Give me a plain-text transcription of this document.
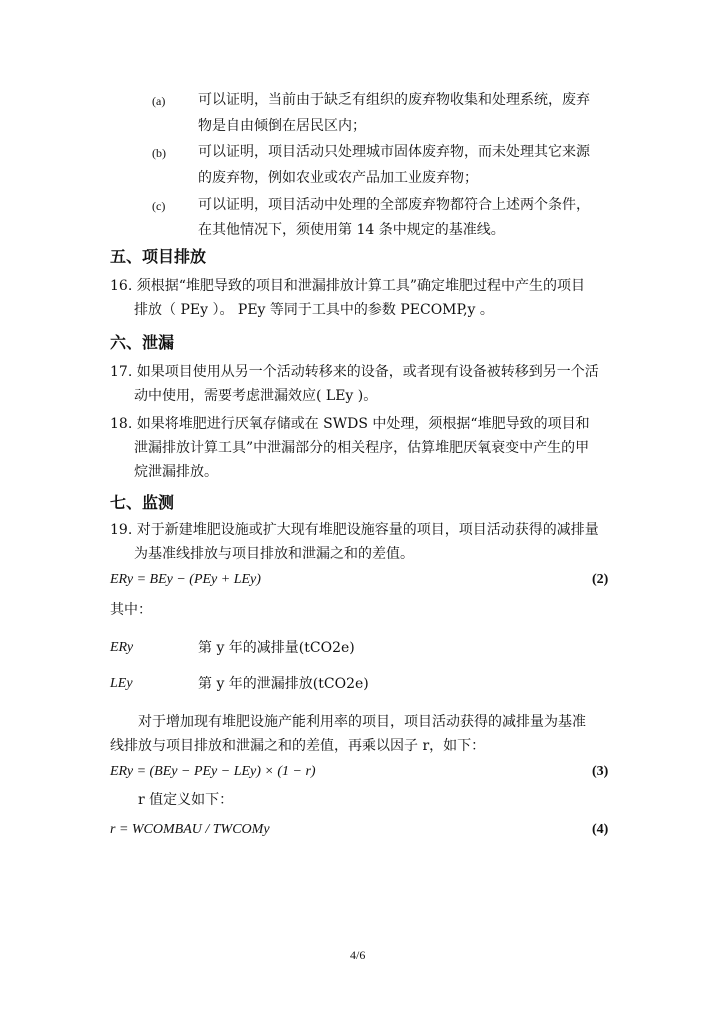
(a) 可以证明，当前由于缺乏有组织的废弃物收集和处理系统，废弃
物是自由倾倒在居民区内；
(b) 可以证明，项目活动只处理城市固体废弃物，而未处理其它来源
的废弃物，例如农业或农产品加工业废弃物；
(c) 可以证明，项目活动中处理的全部废弃物都符合上述两个条件，
在其他情况下，须使用第 14 条中规定的基准线。
五、项目排放
16. 须根据“堆肥导致的项目和泄漏排放计算工具”确定堆肥过程中产生的项目
排放（ PEy ）。 PEy 等同于工具中的参数 PECOMP,y 。
六、泄漏
17. 如果项目使用从另一个活动转移来的设备，或者现有设备被转移到另一个活
动中使用，需要考虑泄漏效应( LEy )。
18. 如果将堆肥进行厌氧存储或在 SWDS 中处理，须根据“堆肥导致的项目和
泄漏排放计算工具”中泄漏部分的相关程序，估算堆肥厌氧衰变中产生的甲
烷泄漏排放。
七、监测
19. 对于新建堆肥设施或扩大现有堆肥设施容量的项目，项目活动获得的减排量
为基准线排放与项目排放和泄漏之和的差值。
ERy = BEy − (PEy + LEy)	(2)
其中：
ERy	第 y 年的减排量(tCO2e)
LEy	第 y 年的泄漏排放(tCO2e)
对于增加现有堆肥设施产能利用率的项目，项目活动获得的减排量为基准
线排放与项目排放和泄漏之和的差值，再乘以因子 r，如下：
ERy = (BEy − PEy − LEy) × (1 − r)	(3)
r 值定义如下：
r = WCOMBAU / TWCOMy	(4)
4/6
